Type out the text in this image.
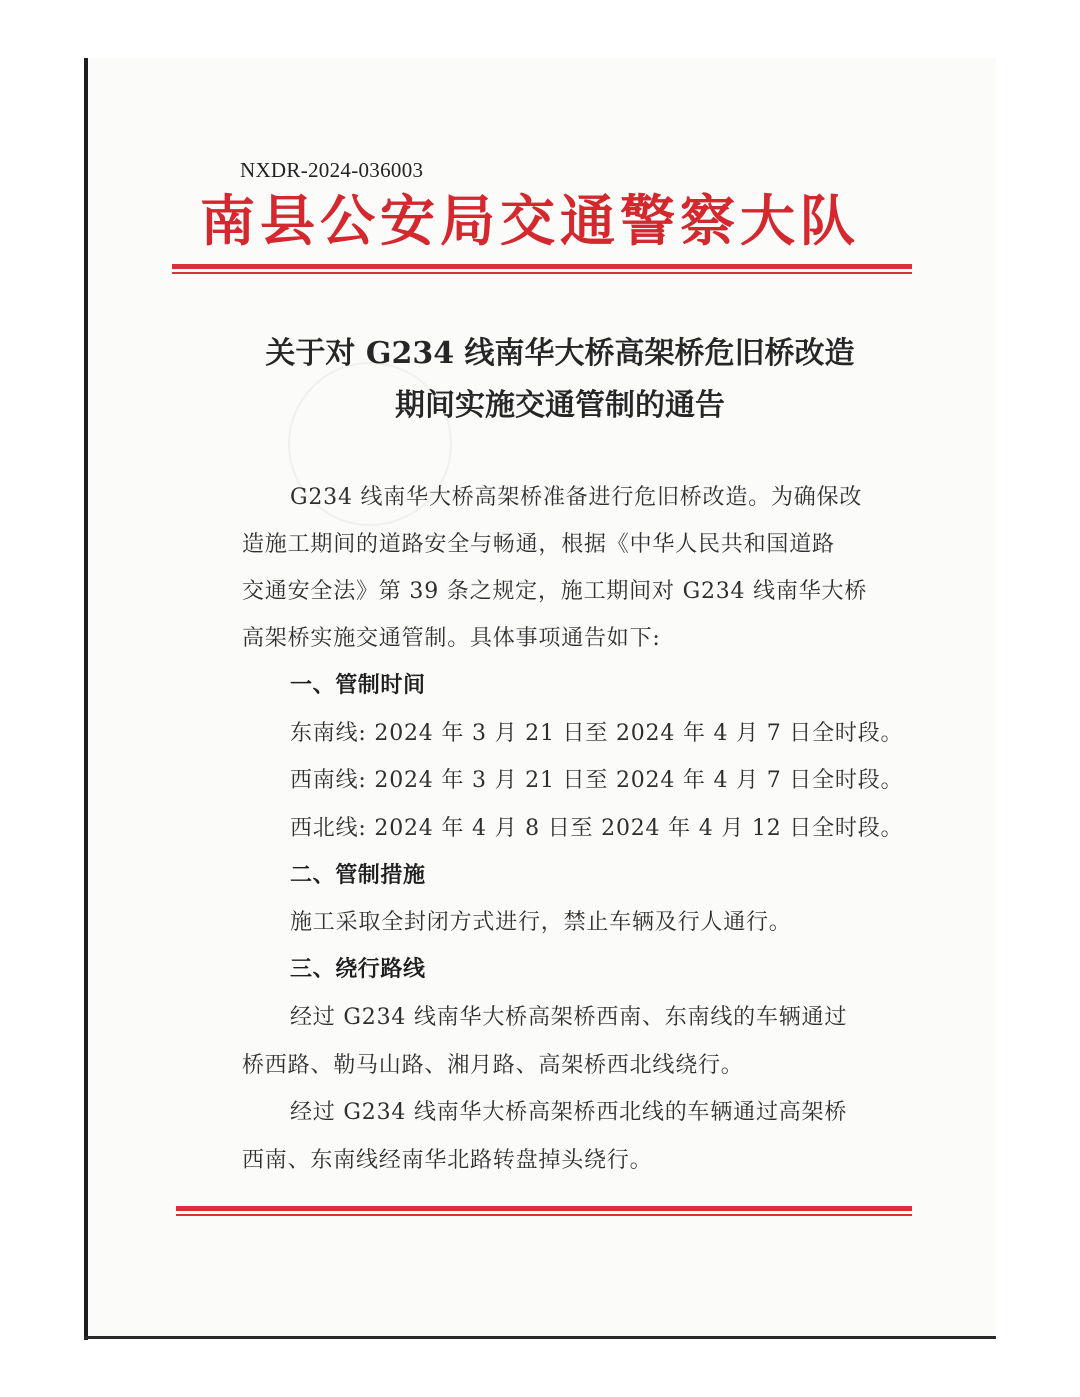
NXDR-2024-036003
南县公安局交通警察大队
关于对 G234 线南华大桥高架桥危旧桥改造
期间实施交通管制的通告
G234 线南华大桥高架桥准备进行危旧桥改造。为确保改
造施工期间的道路安全与畅通，根据《中华人民共和国道路
交通安全法》第 39 条之规定，施工期间对 G234 线南华大桥
高架桥实施交通管制。具体事项通告如下:
一、管制时间
东南线: 2024 年 3 月 21 日至 2024 年 4 月 7 日全时段。
西南线: 2024 年 3 月 21 日至 2024 年 4 月 7 日全时段。
西北线: 2024 年 4 月 8 日至 2024 年 4 月 12 日全时段。
二、管制措施
施工采取全封闭方式进行，禁止车辆及行人通行。
三、绕行路线
经过 G234 线南华大桥高架桥西南、东南线的车辆通过
桥西路、勒马山路、湘月路、高架桥西北线绕行。
经过 G234 线南华大桥高架桥西北线的车辆通过高架桥
西南、东南线经南华北路转盘掉头绕行。
